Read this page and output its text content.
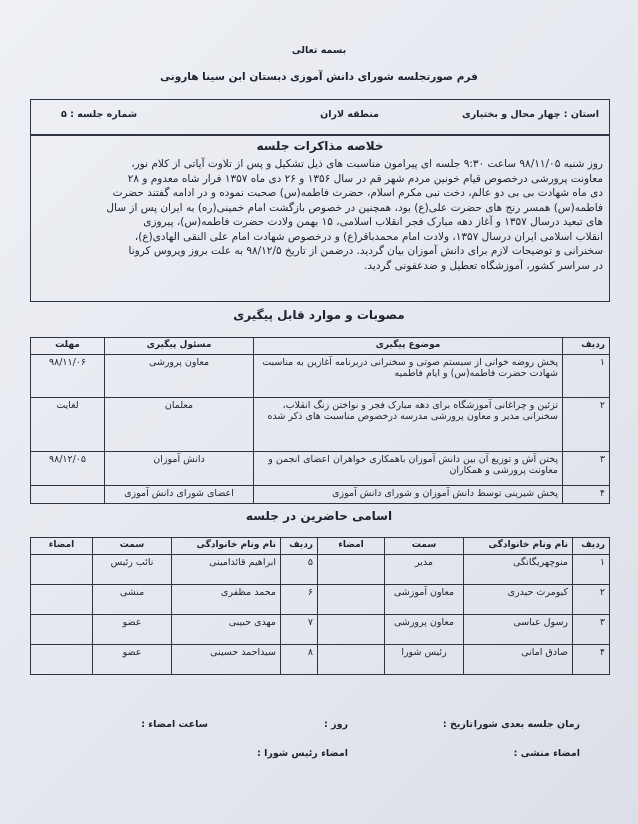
بسمه تعالی
فرم صورتجلسه شورای دانش آموزی دبستان ابن سینا هارونی
استان : چهار محال و بختیاری
منطقه لاران
شماره جلسه : ۵
خلاصه مذاکرات جلسه
روز شنبه ۹۸/۱۱/۰۵ ساعت ۹:۳۰ جلسه ای پیرامون مناسبت های ذیل تشکیل و پس از تلاوت آیاتی از کلام نور،
معاونت پرورشی درخصوص قیام خونین مردم شهر قم در سال ۱۳۵۶ و ۲۶ دی ماه ۱۳۵۷ فرار شاه معدوم و ۲۸
دی ماه شهادت بی بی دو عالم، دخت نبی مکرم اسلام، حضرت فاطمه(س) صحبت نموده و در ادامه گفتند حضرت
فاطمه(س) همسر رنج های حضرت علی(ع) بود، همچنین در خصوص بازگشت امام خمینی(ره) به ایران پس از سال
های تبعید درسال ۱۳۵۷ و آغاز دهه مبارک فجر انقلاب اسلامی، ۱۵ بهمن ولادت حضرت فاطمه(س)، پیروزی
انقلاب اسلامی ایران درسال ۱۳۵۷، ولادت امام محمدباقر(ع) و درخصوص شهادت امام علی النقی الهادی(ع)،
سخنرانی و توضیحات لازم برای دانش آموزان بیان گردید. درضمن از تاریخ ۹۸/۱۲/۵ به علت بروز ویروس کرونا
در سراسر کشور، آموزشگاه تعطیل و ضدعفونی گردید.
مصوبات و موارد قابل پیگیری
ردیف	موضوع پیگیری	مسئول پیگیری	مهلت
۱	پخش روضه خوانی از سیستم صوتی و سخنرانی دربرنامه آغازین به مناسبت شهادت حضرت فاطمه(س) و ایام فاطمیه	معاون پرورشی	۹۸/۱۱/۰۶
۲	تزئین و چراغانی آموزشگاه برای دهه مبارک فجر و نواختن زنگ انقلاب، سخنرانی مدیر و معاون پرورشی مدرسه درخصوص مناسبت های ذکر شده	معلمان	لغایت
۳	پختن آش و توزیع آن بین دانش آموزان باهمکاری خواهران اعضای انجمن و معاونت پرورشی و همکاران	دانش آموزان	۹۸/۱۲/۰۵
۴	پخش شیرینی توسط دانش آموزان و شورای دانش آموزی	اعضای شورای دانش آموزی	
اسامی حاضرین در جلسه
ردیف	نام ونام خانوادگی	سمت	امضاء	ردیف	نام ونام خانوادگی	سمت	امضاء
۱	منوچهریگانگی	مدیر		۵	ابراهیم قائدامینی	نائب رئیس	
۲	کیومرث حیدری	معاون آموزشی		۶	محمد مظفری	منشی	
۳	رسول عباسی	معاون پرورشی		۷	مهدی حبیبی	عضو	
۴	صادق امانی	رئیس شورا		۸	سیداحمد حسینی	عضو	
زمان جلسه بعدی شورا
تاریخ :
روز :
ساعت امضاء :
امضاء منشی :
امضاء رئیس شورا :
